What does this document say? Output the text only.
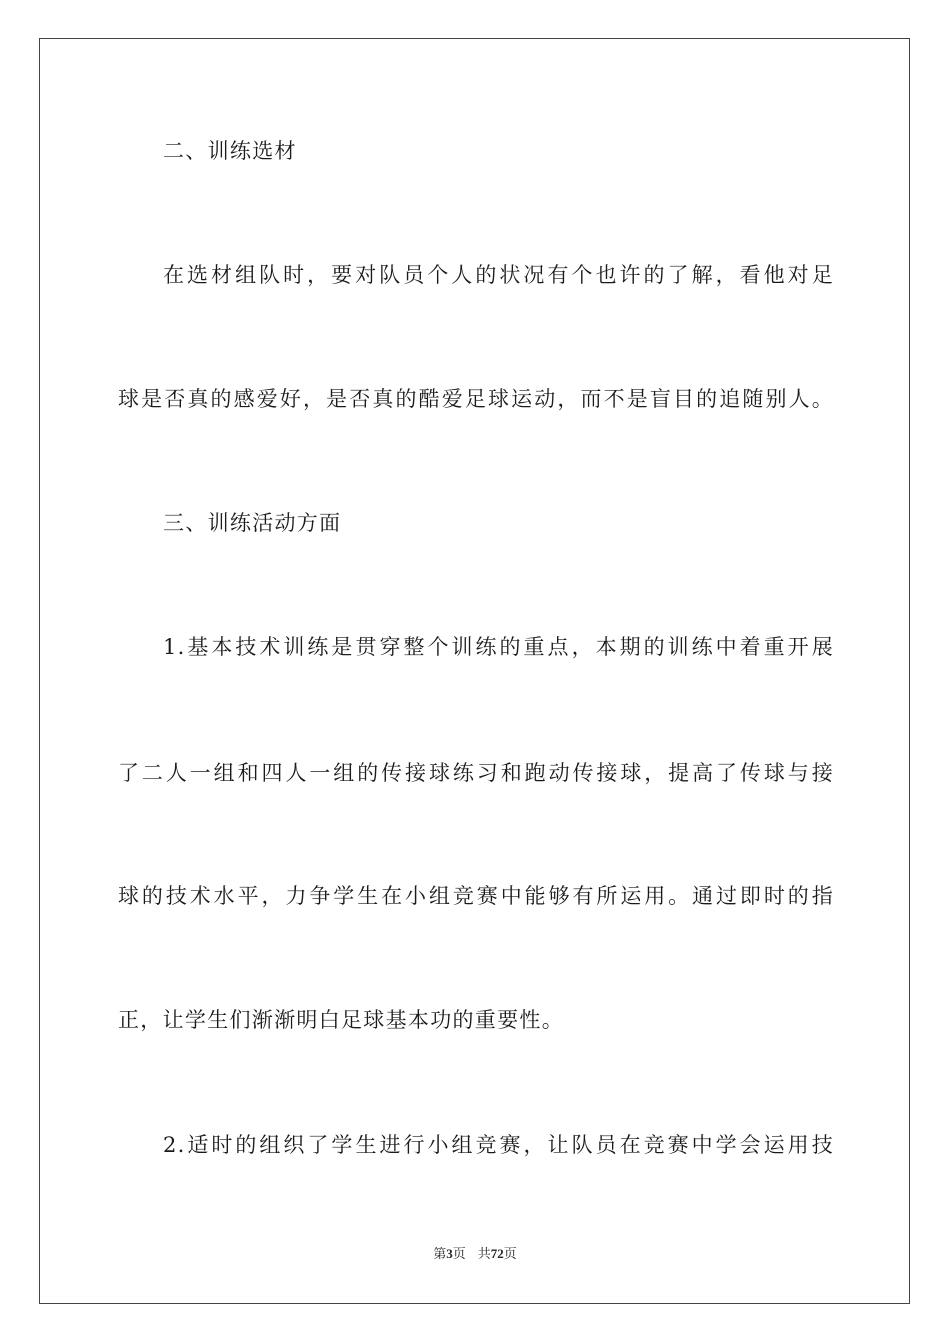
二、训练选材
在选材组队时，要对队员个人的状况有个也许的了解，看他对足
球是否真的感爱好，是否真的酷爱足球运动，而不是盲目的追随别人。
三、训练活动方面
1.基本技术训练是贯穿整个训练的重点，本期的训练中着重开展
了二人一组和四人一组的传接球练习和跑动传接球，提高了传球与接
球的技术水平，力争学生在小组竞赛中能够有所运用。通过即时的指
正，让学生们渐渐明白足球基本功的重要性。
2.适时的组织了学生进行小组竞赛，让队员在竞赛中学会运用技
第3页 共72页
